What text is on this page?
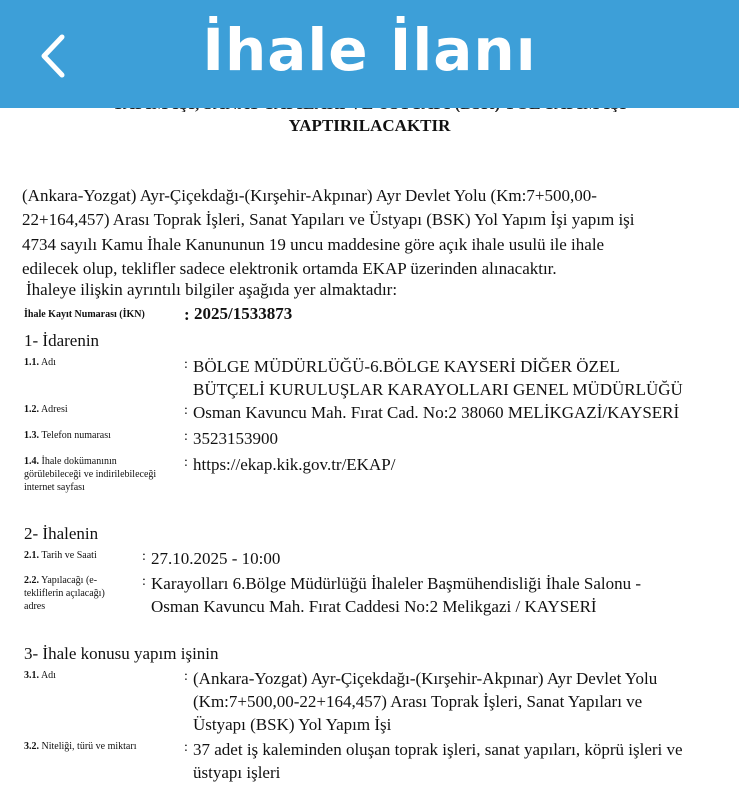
YAPTIRILACAKTIR
(Ankara-Yozgat) Ayr-Çiçekdağı-(Kırşehir-Akpınar) Ayr Devlet Yolu (Km:7+500,00-
22+164,457) Arası Toprak İşleri, Sanat Yapıları ve Üstyapı (BSK) Yol Yapım İşi yapım işi
4734 sayılı Kamu İhale Kanununun 19 uncu maddesine göre açık ihale usulü ile ihale
edilecek olup, teklifler sadece elektronik ortamda EKAP üzerinden alınacaktır.
İhaleye ilişkin ayrıntılı bilgiler aşağıda yer almaktadır:
İhale Kayıt Numarası (İKN) : 2025/1533873
1- İdarenin
1.1. Adı	: BÖLGE MÜDÜRLÜĞÜ-6.BÖLGE KAYSERİ DİĞER ÖZEL
BÜTÇELİ KURULUŞLAR KARAYOLLARI GENEL MÜDÜRLÜĞÜ
1.2. Adresi	: Osman Kavuncu Mah. Fırat Cad. No:2 38060 MELİKGAZİ/KAYSERİ
1.3. Telefon numarası	: 3523153900
1.4. İhale dokümanının
görülebileceği ve indirilebileceği
internet sayfası
: https://ekap.kik.gov.tr/EKAP/
2- İhalenin
2.1. Tarih ve Saati	: 27.10.2025 - 10:00
2.2. Yapılacağı (e-
tekliflerin açılacağı)
adres
: Karayolları 6.Bölge Müdürlüğü İhaleler Başmühendisliği İhale Salonu -
Osman Kavuncu Mah. Fırat Caddesi No:2 Melikgazi / KAYSERİ
3- İhale konusu yapım işinin
3.1. Adı	: (Ankara-Yozgat) Ayr-Çiçekdağı-(Kırşehir-Akpınar) Ayr Devlet Yolu
(Km:7+500,00-22+164,457) Arası Toprak İşleri, Sanat Yapıları ve
Üstyapı (BSK) Yol Yapım İşi
3.2. Niteliği, türü ve miktarı	: 37 adet iş kaleminden oluşan toprak işleri, sanat yapıları, köprü işleri ve
üstyapı işleri
İhale İlanı
